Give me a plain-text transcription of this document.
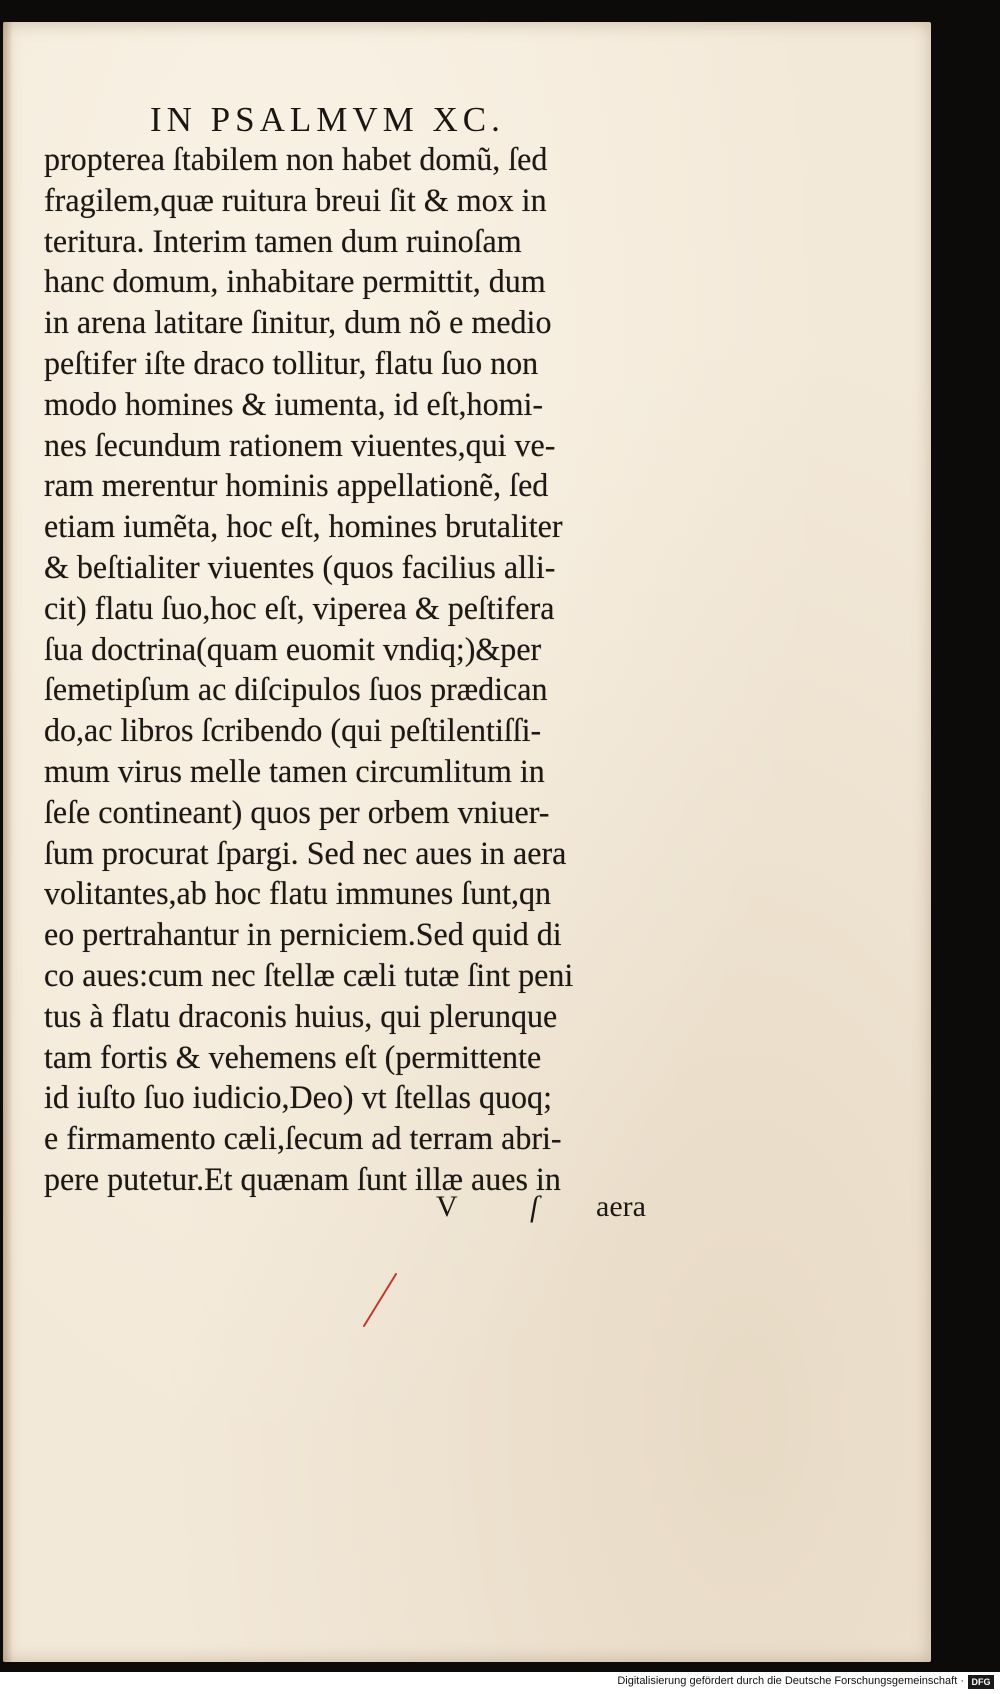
IN PSALMVM XC.
propterea ſtabilem non habet domũ, ſed
fragilem,quæ ruitura breui ſit & mox in
teritura. Interim tamen dum ruinoſam
hanc domum, inhabitare permittit, dum
in arena latitare ſinitur, dum nõ e medio
peſtifer iſte draco tollitur, flatu ſuo non
modo homines & iumenta, id eſt,homi-
nes ſecundum rationem viuentes,qui ve-
ram merentur hominis appellationẽ, ſed
etiam iumẽta, hoc eſt, homines brutaliter
& beſtialiter viuentes (quos facilius alli-
cit) flatu ſuo,hoc eſt, viperea & peſtifera
ſua doctrina(quam euomit vndiq;)&per
ſemetipſum ac diſcipulos ſuos prædican
do,ac libros ſcribendo (qui peſtilentiſſi-
mum virus melle tamen circumlitum in
ſeſe contineant) quos per orbem vniuer-
ſum procurat ſpargi. Sed nec aues in aera
volitantes,ab hoc flatu immunes ſunt,qn
eo pertrahantur in perniciem.Sed quid di
co aues:cum nec ſtellæ cæli tutæ ſint peni
tus à flatu draconis huius, qui plerunque
tam fortis & vehemens eſt (permittente
id iuſto ſuo iudicio,Deo) vt ſtellas quoq;
e firmamento cæli,ſecum ad terram abri-
pere putetur.Et quænam ſunt illæ aues in
V ſ aera
Digitalisierung gefördert durch die Deutsche Forschungsgemeinschaft · DFG
